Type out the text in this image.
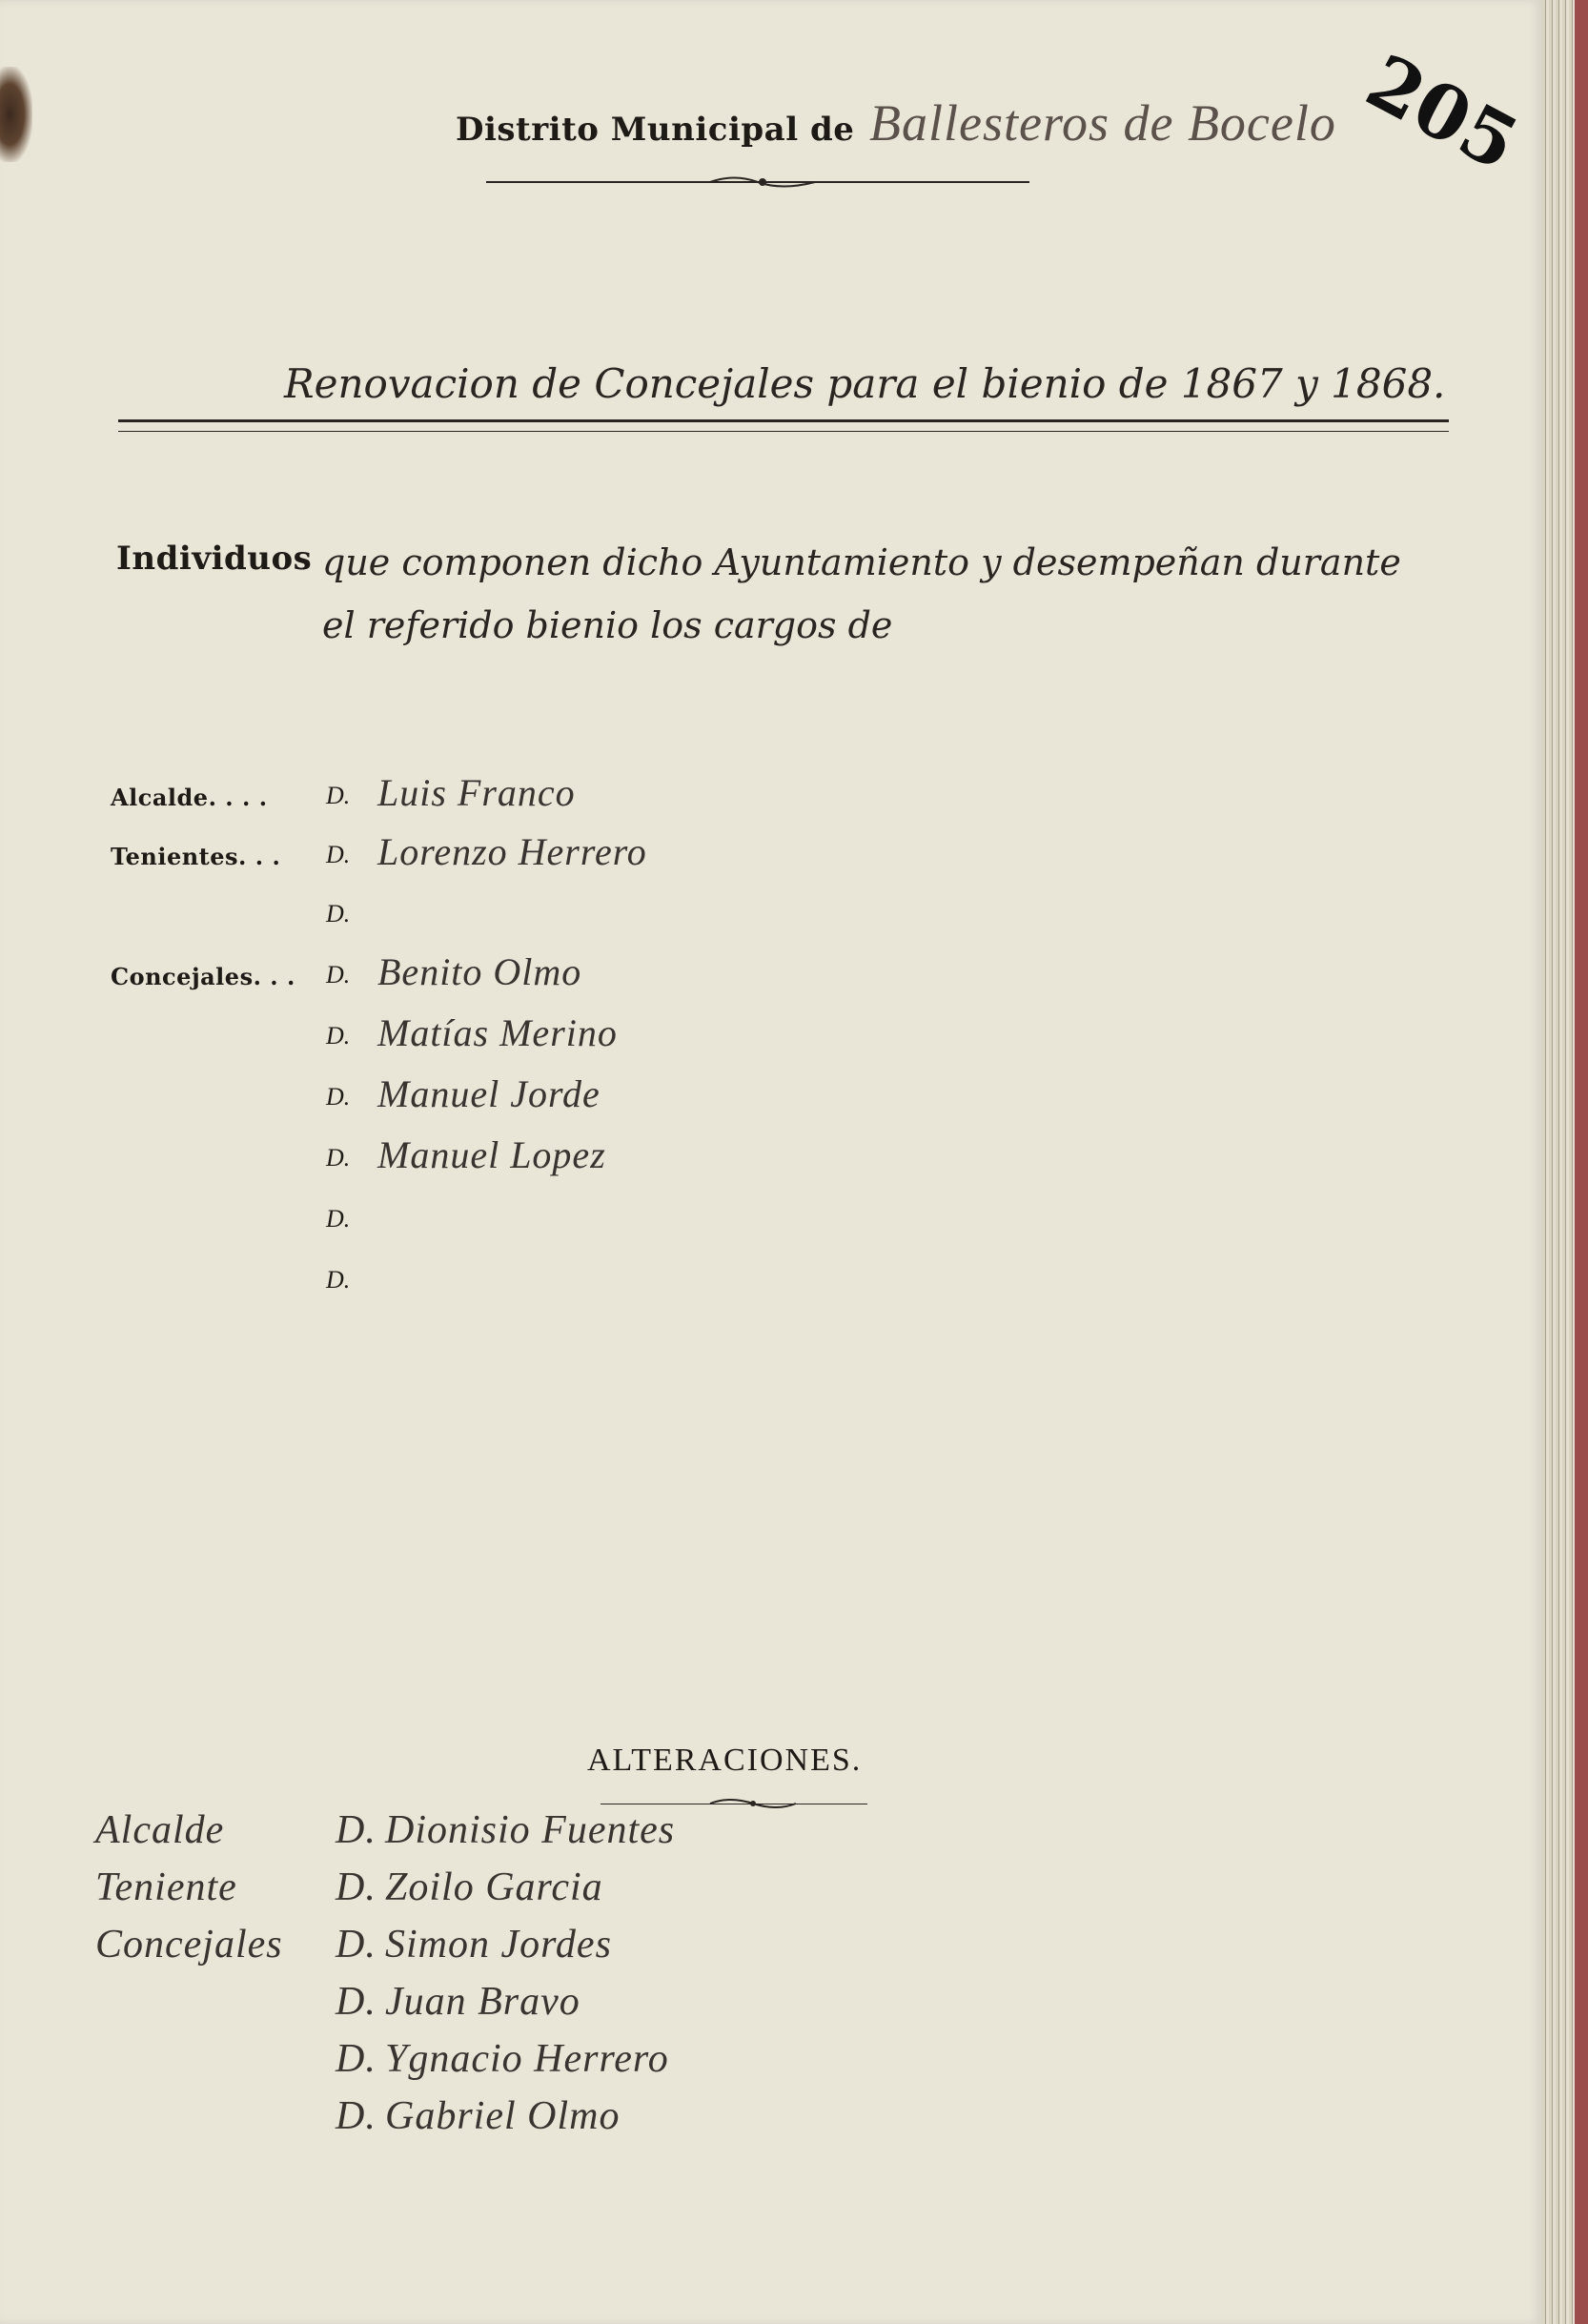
205
Distrito Municipal de Ballesteros de Bocelo
Renovacion de Concejales para el bienio de 1867 y 1868.
Individuos que componen dicho Ayuntamiento y desempeñan durante
el referido bienio los cargos de
Alcalde. . . .
Tenientes. . .
Concejales. . .
D.
D.
D.
D.
D.
D.
D.
D.
D.
Luis Franco
Lorenzo Herrero
Benito Olmo
Matías Merino
Manuel Jorde
Manuel Lopez
ALTERACIONES.
Alcalde	D. Dionisio Fuentes
Teniente D. Zoilo Garcia
Concejales D. Simon Jordes
D. Juan Bravo
D. Ygnacio Herrero
D. Gabriel Olmo
